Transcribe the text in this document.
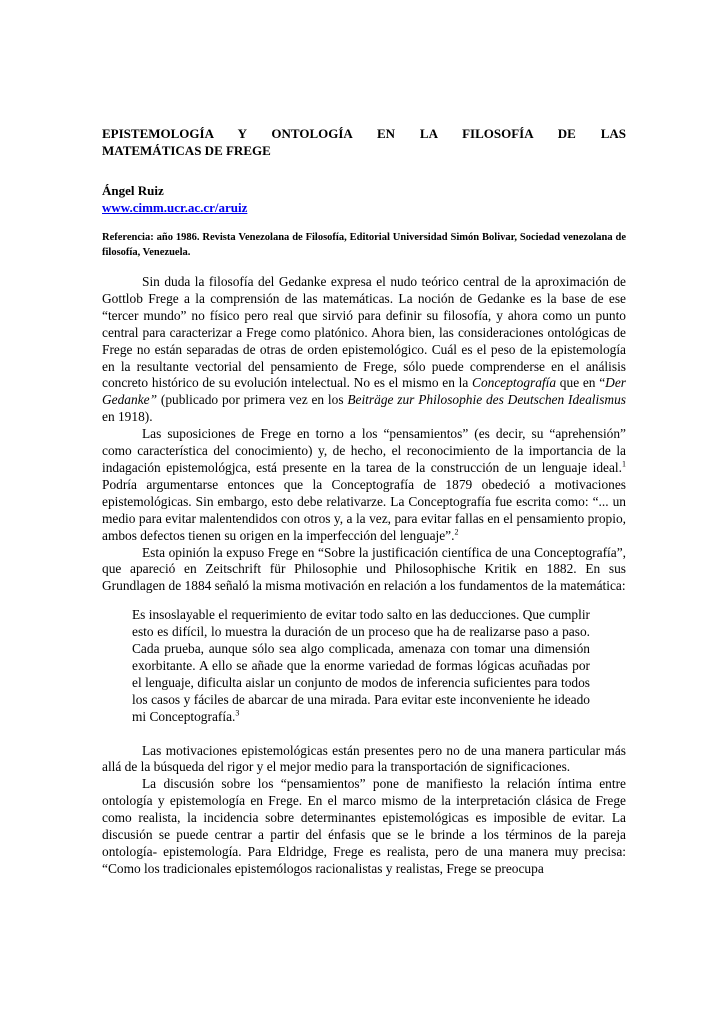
EPISTEMOLOGÍA Y ONTOLOGÍA EN LA FILOSOFÍA DE LAS

MATEMÁTICAS DE FREGE

Ángel Ruiz

www.cimm.ucr.ac.cr/aruiz

Referencia: año 1986. Revista Venezolana de Filosofía, Editorial Universidad Simón Bolivar, Sociedad venezolana de filosofía, Venezuela.

Sin duda la filosofía del Gedanke expresa el nudo teórico central de la aproximación de Gottlob Frege a la comprensión de las matemáticas. La noción de Gedanke es la base de ese “tercer mundo” no físico pero real que sirvió para definir su filosofía, y ahora como un punto central para caracterizar a Frege como platónico. Ahora bien, las consideraciones ontológicas de Frege no están separadas de otras de orden epistemológico. Cuál es el peso de la epistemología en la resultante vectorial del pensamiento de Frege, sólo puede comprenderse en el análisis concreto histórico de su evolución intelectual. No es el mismo en la Conceptografía que en “Der Gedanke” (publicado por primera vez en los Beiträge zur Philosophie des Deutschen Idealismus en 1918).

Las suposiciones de Frege en torno a los “pensamientos” (es decir, su “aprehensión” como característica del conocimiento) y, de hecho, el reconocimiento de la importancia de la indagación epistemológjca, está presente en la tarea de la construcción de un lenguaje ideal.$^1$ Podría argumentarse entonces que la Conceptografía de 1879 obedeció a motivaciones epistemológicas. Sin embargo, esto debe relativarze. La Conceptografía fue escrita como: “... un medio para evitar malentendidos con otros y, a la vez, para evitar fallas en el pensamiento propio, ambos defectos tienen su origen en la imperfección del lenguaje”.$^2$

Esta opinión la expuso Frege en “Sobre la justificación científica de una Conceptografía”, que apareció en Zeitschrift für Philosophie und Philosophische Kritik en 1882. En sus Grundlagen de 1884 señaló la misma motivación en relación a los fundamentos de la matemática:

Es insoslayable el requerimiento de evitar todo salto en las deducciones. Que cumplir esto es difícil, lo muestra la duración de un proceso que ha de realizarse paso a paso. Cada prueba, aunque sólo sea algo complicada, amenaza con tomar una dimensión exorbitante. A ello se añade que la enorme variedad de formas lógicas acuñadas por el lenguaje, dificulta aislar un conjunto de modos de inferencia suficientes para todos los casos y fáciles de abarcar de una mirada. Para evitar este inconveniente he ideado mi Conceptografía.$^3$

Las motivaciones epistemológicas están presentes pero no de una manera particular más allá de la búsqueda del rigor y el mejor medio para la transportación de significaciones.

La discusión sobre los “pensamientos” pone de manifiesto la relación íntima entre ontología y epistemología en Frege. En el marco mismo de la interpretación clásica de Frege como realista, la incidencia sobre determinantes epistemológicas es imposible de evitar. La discusión se puede centrar a partir del énfasis que se le brinde a los términos de la pareja ontología- epistemología. Para Eldridge, Frege es realista, pero de una manera muy precisa: “Como los tradicionales epistemólogos racionalistas y realistas, Frege se preocupa
